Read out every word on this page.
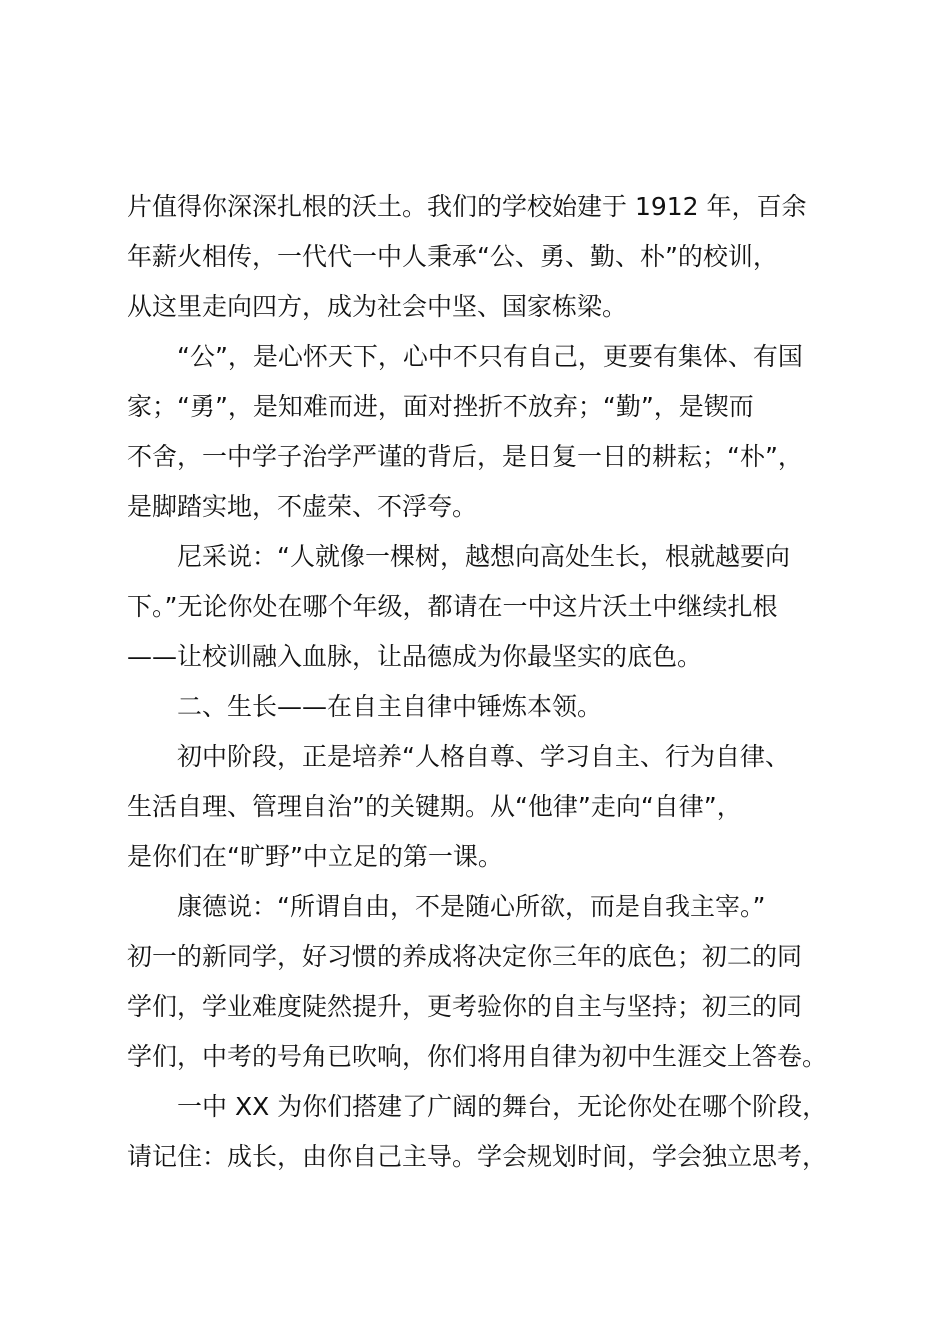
片值得你深深扎根的沃土。我们的学校始建于 1912 年，百余
年薪火相传，一代代一中人秉承“公、勇、勤、朴”的校训，
从这里走向四方，成为社会中坚、国家栋梁。
“公”，是心怀天下，心中不只有自己，更要有集体、有国
家；“勇”，是知难而进，面对挫折不放弃；“勤”，是锲而
不舍，一中学子治学严谨的背后，是日复一日的耕耘；“朴”，
是脚踏实地，不虚荣、不浮夸。
尼采说：“人就像一棵树，越想向高处生长，根就越要向
下。”无论你处在哪个年级，都请在一中这片沃土中继续扎根
——让校训融入血脉，让品德成为你最坚实的底色。
二、生长——在自主自律中锤炼本领。
初中阶段，正是培养“人格自尊、学习自主、行为自律、
生活自理、管理自治”的关键期。从“他律”走向“自律”，
是你们在“旷野”中立足的第一课。
康德说：“所谓自由，不是随心所欲，而是自我主宰。”
初一的新同学，好习惯的养成将决定你三年的底色；初二的同
学们，学业难度陡然提升，更考验你的自主与坚持；初三的同
学们，中考的号角已吹响，你们将用自律为初中生涯交上答卷。
一中 XX 为你们搭建了广阔的舞台，无论你处在哪个阶段，
请记住：成长，由你自己主导。学会规划时间，学会独立思考，
